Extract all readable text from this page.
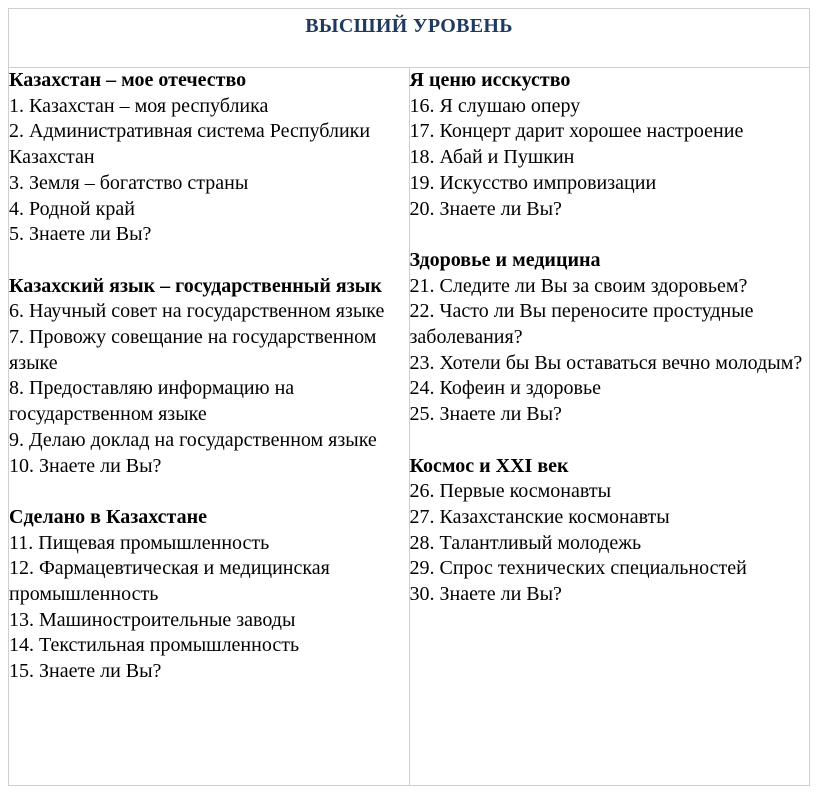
ВЫСШИЙ УРОВЕНЬ

Казахстан – мое отечество

1. Казахстан – моя республика

2. Административная система Республики Казахстан

3. Земля – богатство страны

4. Родной край

5. Знаете ли Вы?

Казахский язык – государственный язык

6. Научный совет на государственном языке

7. Провожу совещание на государственном языке

8. Предоставляю информацию на государственном языке

9. Делаю доклад на государственном языке

10. Знаете ли Вы?

Сделано в Казахстане

11. Пищевая промышленность

12. Фармацевтическая и медицинская промышленность

13. Машиностроительные заводы

14. Текстильная промышленность

15. Знаете ли Вы?

Я ценю исскуство

16. Я слушаю оперу

17. Концерт дарит хорошее настроение

18. Абай и Пушкин

19. Искусство импровизации

20. Знаете ли Вы?

Здоровье и медицина

21. Следите ли Вы за своим здоровьем?

22. Часто ли Вы переносите простудные заболевания?

23. Хотели бы Вы оставаться вечно молодым?

24. Кофеин и здоровье

25. Знаете ли Вы?

Космос и XXI век

26. Первые космонавты

27. Казахстанские космонавты

28. Талантливый молодежь

29. Спрос технических специальностей

30. Знаете ли Вы?
